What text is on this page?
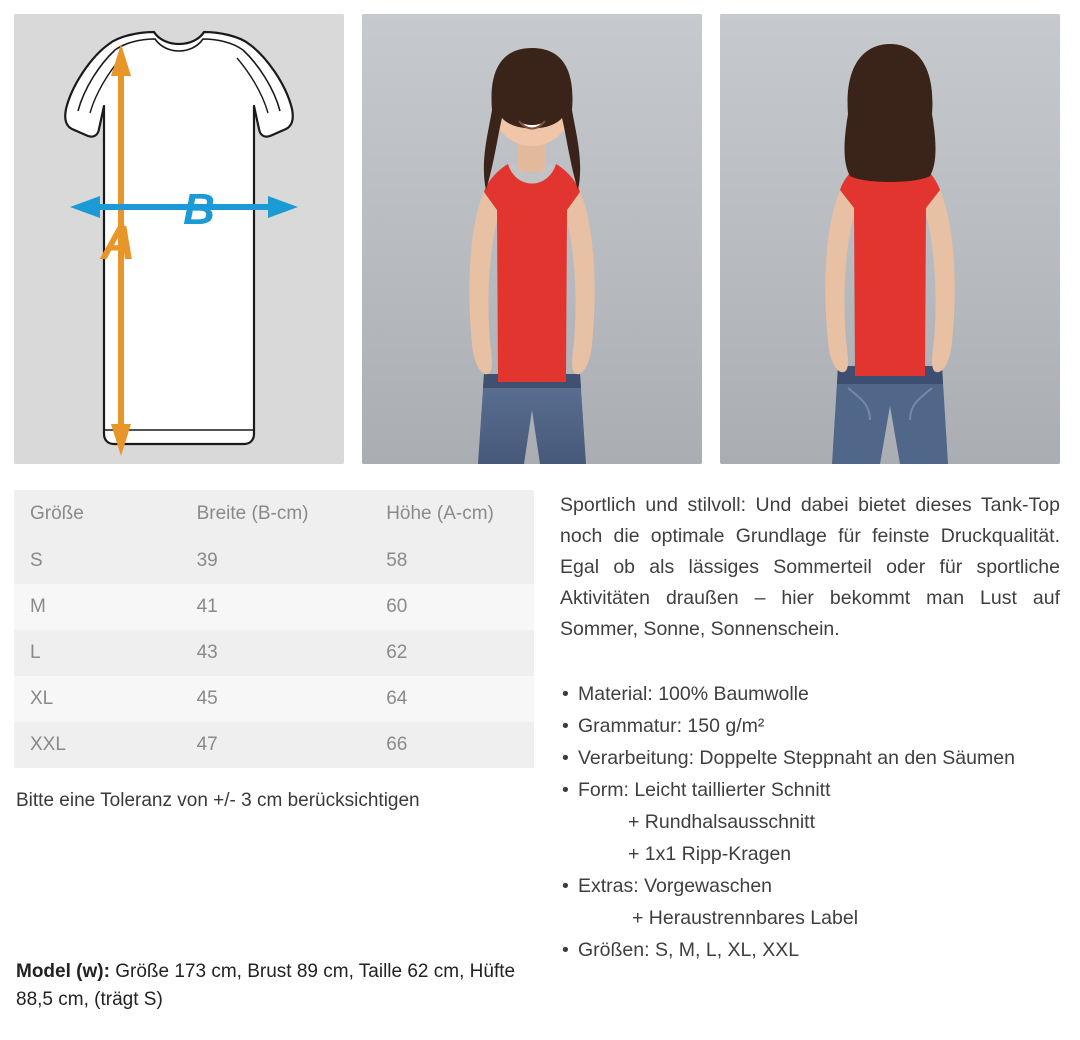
A
B
Größe	Breite (B-cm)	Höhe (A-cm)
S	39	58
M	41	60
L	43	62
XL	45	64
XXL	47	66
Bitte eine Toleranz von +/- 3 cm berücksichtigen
Sportlich und stilvoll: Und dabei bietet dieses Tank-Top noch die optimale Grundlage für feinste Druckqualität. Egal ob als lässiges Sommerteil oder für sportliche Aktivitäten draußen – hier bekommt man Lust auf Sommer, Sonne, Sonnenschein.
• Material: 100% Baumwolle
• Grammatur: 150 g/m²
• Verarbeitung: Doppelte Steppnaht an den Säumen
• Form: Leicht taillierter Schnitt
+ Rundhalsausschnitt
+ 1x1 Ripp-Kragen
• Extras: Vorgewaschen
+ Heraustrennbares Label
• Größen: S, M, L, XL, XXL
Model (w): Größe 173 cm, Brust 89 cm, Taille 62 cm, Hüfte 88,5 cm, (trägt S)
